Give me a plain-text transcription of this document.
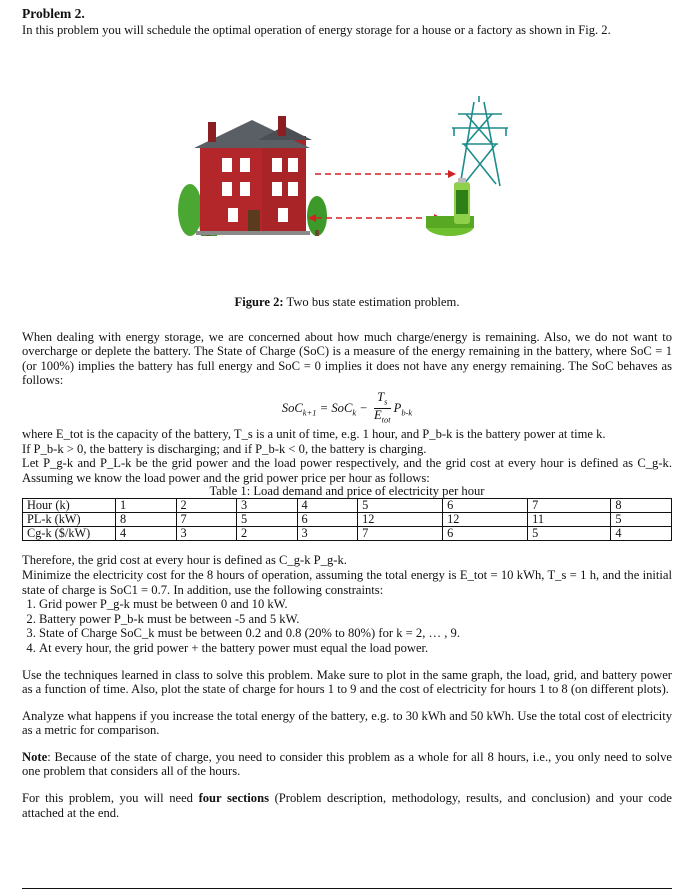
Problem 2.

In this problem you will schedule the optimal operation of energy storage for a house or a factory as shown in Fig. 2.

Figure 2: Two bus state estimation problem.

When dealing with energy storage, we are concerned about how much charge/energy is remaining. Also, we do not want to overcharge or deplete the battery. The State of Charge (SoC) is a measure of the energy remaining in the battery, where SoC = 1 (or 100%) implies the battery has full energy and SoC = 0 implies it does not have any energy remaining. The SoC behaves as follows:

$SoC_{k+1} = SoC_k - \frac{T_s}{E_{tot}} P_{b-k}$

where E_tot is the capacity of the battery, T_s is a unit of time, e.g. 1 hour, and P_b-k is the battery power at time k.

If P_b-k > 0, the battery is discharging; and if P_b-k < 0, the battery is charging.

Let P_g-k and P_L-k be the grid power and the load power respectively, and the grid cost at every hour is defined as C_g-k. Assuming we know the load power and the grid power price per hour as follows:

Table 1: Load demand and price of electricity per hour
Hour (k)	1	2	3	4	5	6	7	8
PL-k (kW)	8	7	5	6	12	12	11	5
Cg-k ($/kW)	4	3	2	3	7	6	5	4

Therefore, the grid cost at every hour is defined as C_g-k P_g-k.

Minimize the electricity cost for the 8 hours of operation, assuming the total energy is E_tot = 10 kWh, T_s = 1 h, and the initial state of charge is SoC1 = 0.7. In addition, use the following constraints:

1. Grid power P_g-k must be between 0 and 10 kW.
2. Battery power P_b-k must be between -5 and 5 kW.
3. State of Charge SoC_k must be between 0.2 and 0.8 (20% to 80%) for k = 2, … , 9.
4. At every hour, the grid power + the battery power must equal the load power.

Use the techniques learned in class to solve this problem. Make sure to plot in the same graph, the load, grid, and battery power as a function of time. Also, plot the state of charge for hours 1 to 9 and the cost of electricity for hours 1 to 8 (on different plots).

Analyze what happens if you increase the total energy of the battery, e.g. to 30 kWh and 50 kWh. Use the total cost of electricity as a metric for comparison.

Note: Because of the state of charge, you need to consider this problem as a whole for all 8 hours, i.e., you only need to solve one problem that considers all of the hours.

For this problem, you will need four sections (Problem description, methodology, results, and conclusion) and your code attached at the end.
